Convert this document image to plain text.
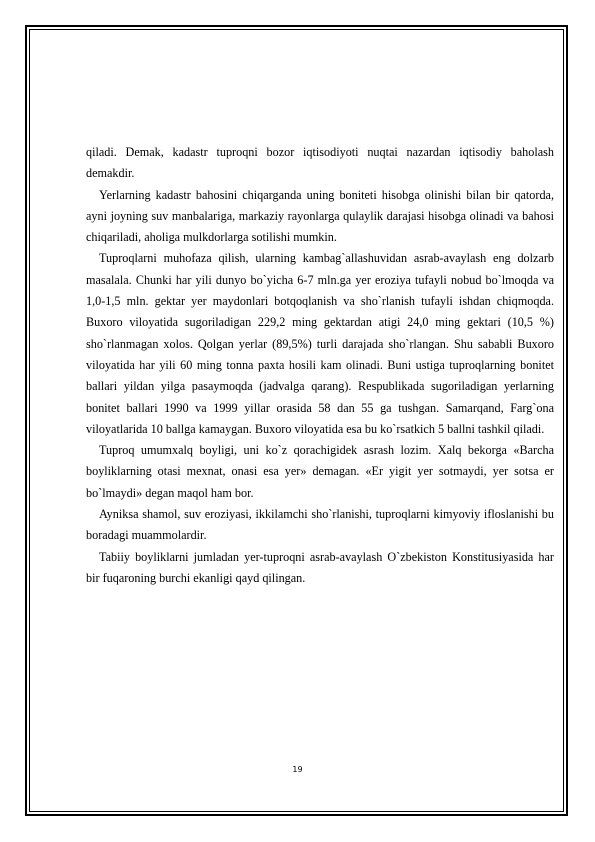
qiladi. Demak, kadastr tuproqni bozor iqtisodiyoti nuqtai nazardan iqtisodiy baholash demakdir.

Yerlarning kadastr bahosini chiqarganda uning boniteti hisobga olinishi bilan bir qatorda, ayni joyning suv manbalariga, markaziy rayonlarga qulaylik darajasi hisobga olinadi va bahosi chiqariladi, aholiga mulkdorlarga sotilishi mumkin.

Tuproqlarni muhofaza qilish, ularning kambag`allashuvidan asrab-avaylash eng dolzarb masalala. Chunki har yili dunyo bo`yicha 6-7 mln.ga yer eroziya tufayli nobud bo`lmoqda va 1,0-1,5 mln. gektar yer maydonlari botqoqlanish va sho`rlanish tufayli ishdan chiqmoqda. Buxoro viloyatida sugoriladigan 229,2 ming gektardan atigi 24,0 ming gektari (10,5 %) sho`rlanmagan xolos. Qolgan yerlar (89,5%) turli darajada sho`rlangan. Shu sababli Buxoro viloyatida har yili 60 ming tonna paxta hosili kam olinadi. Buni ustiga tuproqlarning bonitet ballari yildan yilga pasaymoqda (jadvalga qarang). Respublikada sugoriladigan yerlarning bonitet ballari 1990 va 1999 yillar orasida 58 dan 55 ga tushgan. Samarqand, Farg`ona viloyatlarida 10 ballga kamaygan. Buxoro viloyatida esa bu ko`rsatkich 5 ballni tashkil qiladi.

Tuproq umumxalq boyligi, uni ko`z qorachigidek asrash lozim. Xalq bekorga «Barcha boyliklarning otasi mexnat, onasi esa yer» demagan. «Er yigit yer sotmaydi, yer sotsa er bo`lmaydi» degan maqol ham bor.

Ayniksa shamol, suv eroziyasi, ikkilamchi sho`rlanishi, tuproqlarni kimyoviy ifloslanishi bu boradagi muammolardir.

Tabiiy boyliklarni jumladan yer-tuproqni asrab-avaylash O`zbekiston Konstitusiyasida har bir fuqaroning burchi ekanligi qayd qilingan.

19
